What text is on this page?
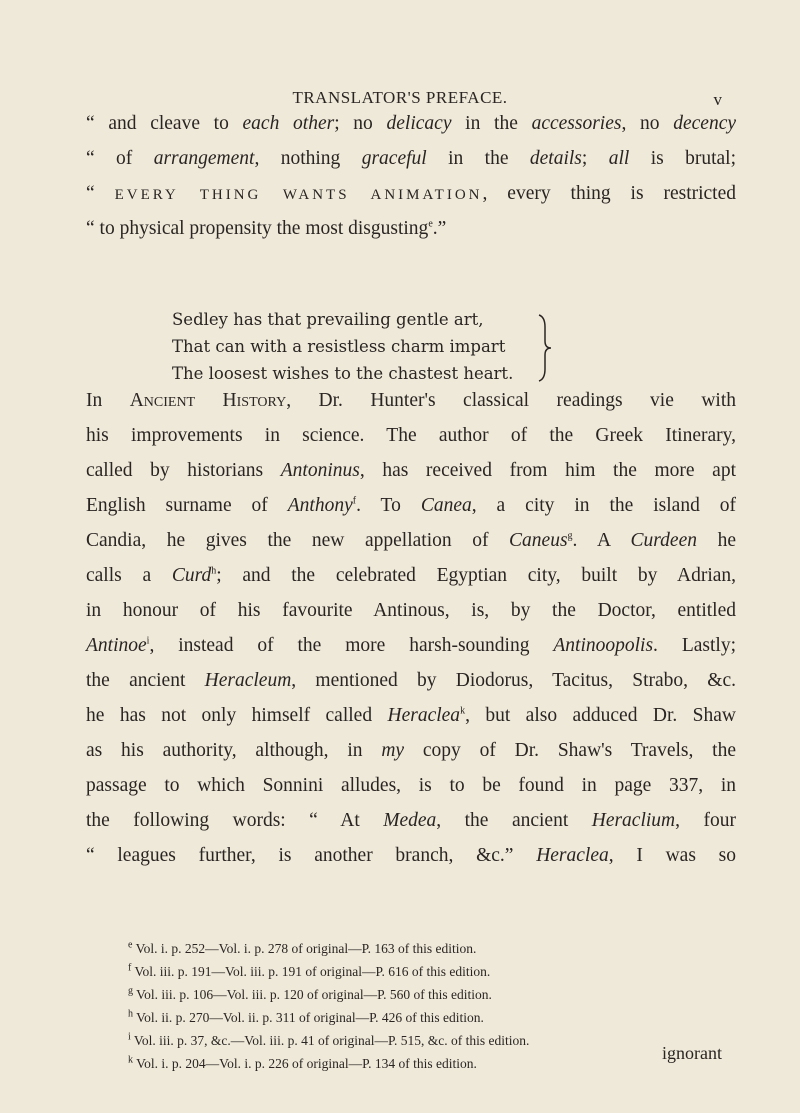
TRANSLATOR'S PREFACE.	v
“ and cleave to each other; no delicacy in the accessories, no decency
“ of arrangement, nothing graceful in the details; all is brutal;
“ EVERY THING WANTS ANIMATION, every thing is restricted
“ to physical propensity the most disgusting$^e$.”
Sedley has that prevailing gentle art,
That can with a resistless charm impart
The loosest wishes to the chastest heart.
In Ancient History, Dr. Hunter's classical readings vie with
his improvements in science. The author of the Greek Itinerary,
called by historians Antoninus, has received from him the more apt
English surname of Anthony$^f$. To Canea, a city in the island of
Candia, he gives the new appellation of Caneus$^g$. A Curdeen he
calls a Curd$^h$; and the celebrated Egyptian city, built by Adrian,
in honour of his favourite Antinous, is, by the Doctor, entitled
Antinoe$^i$, instead of the more harsh-sounding Antinoopolis. Lastly;
the ancient Heracleum, mentioned by Diodorus, Tacitus, Strabo, &c.
he has not only himself called Heraclea$^k$, but also adduced Dr. Shaw
as his authority, although, in my copy of Dr. Shaw's Travels, the
passage to which Sonnini alludes, is to be found in page 337, in
the following words: “ At Medea, the ancient Heraclium, four
“ leagues further, is another branch, &c.” Heraclea, I was so
$^e$ Vol. i. p. 252—Vol. i. p. 278 of original—P. 163 of this edition.
$^f$ Vol. iii. p. 191—Vol. iii. p. 191 of original—P. 616 of this edition.
$^g$ Vol. iii. p. 106—Vol. iii. p. 120 of original—P. 560 of this edition.
$^h$ Vol. ii. p. 270—Vol. ii. p. 311 of original—P. 426 of this edition.
$^i$ Vol. iii. p. 37, &c.—Vol. iii. p. 41 of original—P. 515, &c. of this edition.
$^k$ Vol. i. p. 204—Vol. i. p. 226 of original—P. 134 of this edition.
ignorant
